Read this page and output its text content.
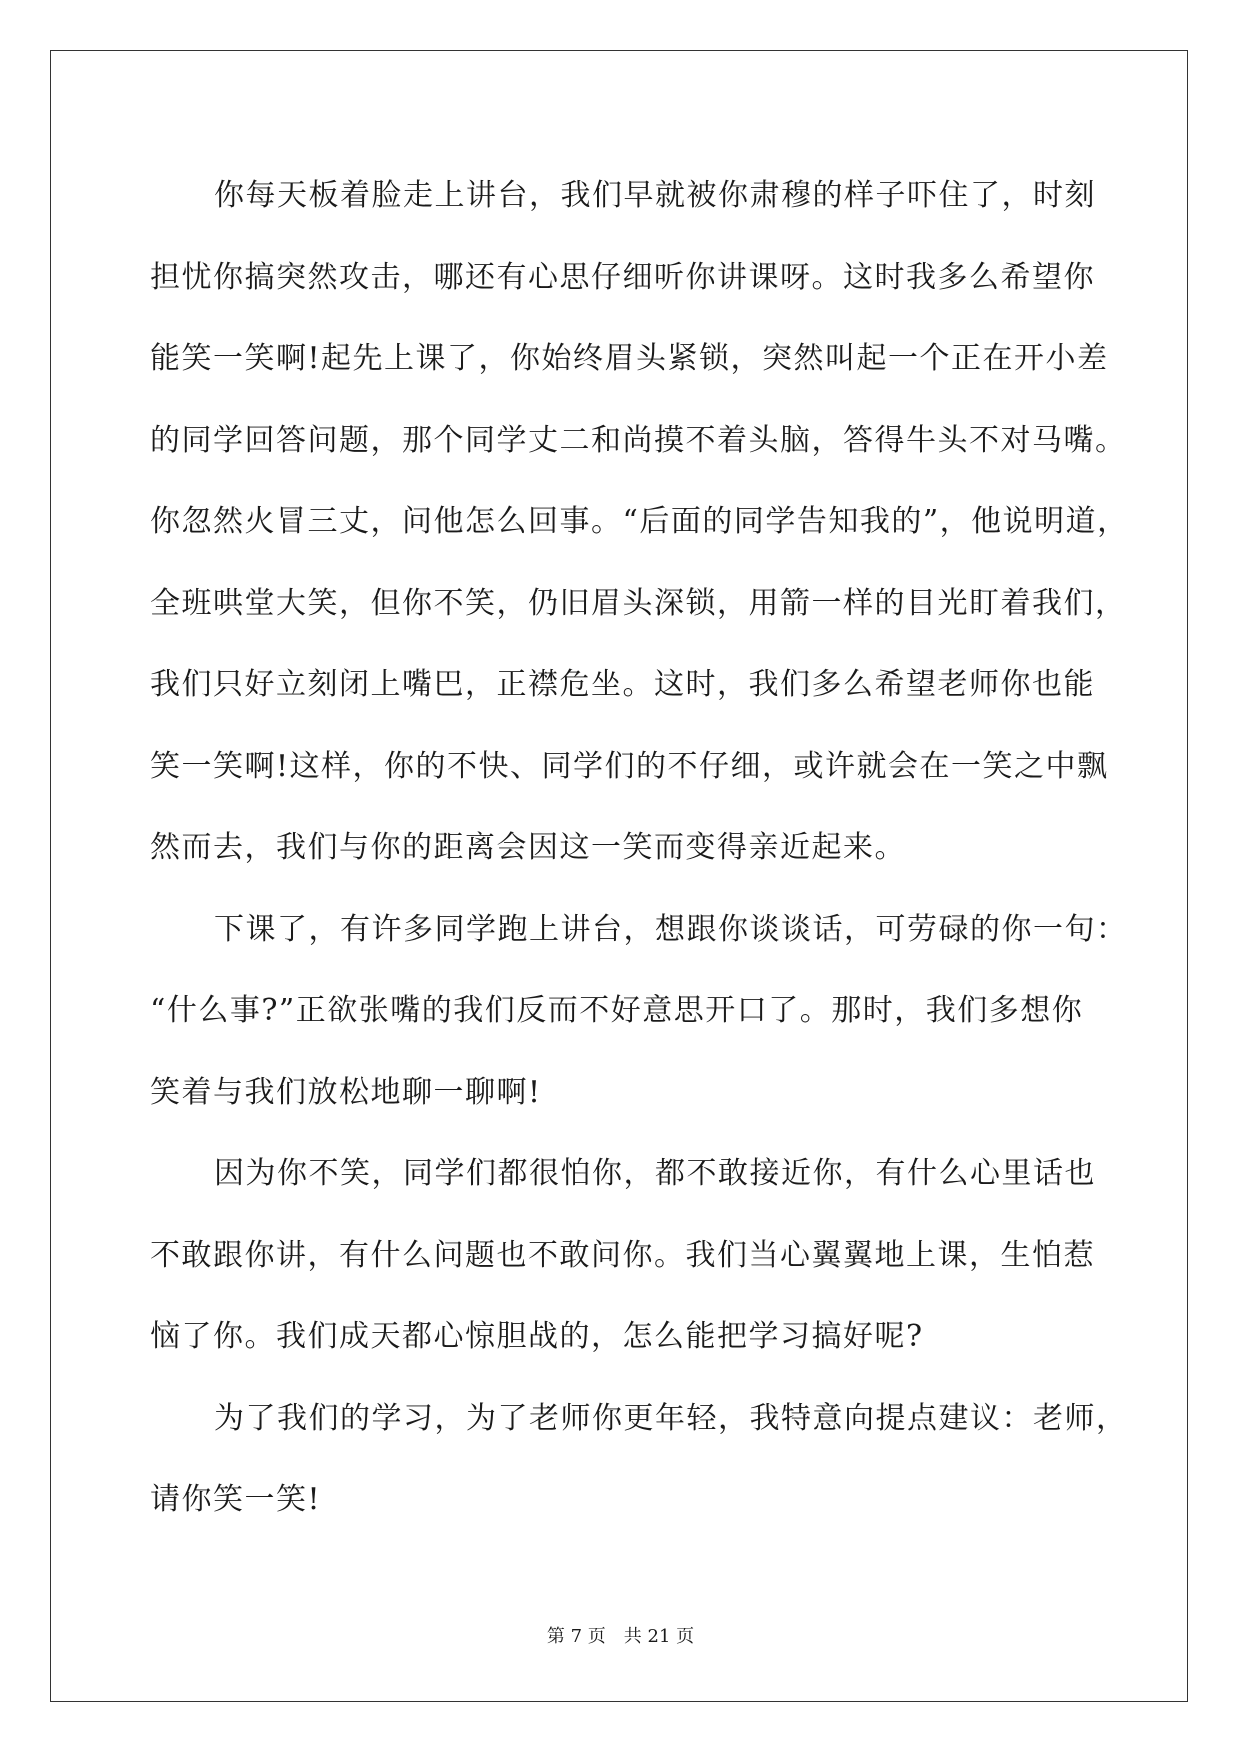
你每天板着脸走上讲台，我们早就被你肃穆的样子吓住了，时刻
担忧你搞突然攻击，哪还有心思仔细听你讲课呀。这时我多么希望你
能笑一笑啊!起先上课了，你始终眉头紧锁，突然叫起一个正在开小差
的同学回答问题，那个同学丈二和尚摸不着头脑，答得牛头不对马嘴。
你忽然火冒三丈，问他怎么回事。“后面的同学告知我的”，他说明道，
全班哄堂大笑，但你不笑，仍旧眉头深锁，用箭一样的目光盯着我们，
我们只好立刻闭上嘴巴，正襟危坐。这时，我们多么希望老师你也能
笑一笑啊!这样，你的不快、同学们的不仔细，或许就会在一笑之中飘
然而去，我们与你的距离会因这一笑而变得亲近起来。
下课了，有许多同学跑上讲台，想跟你谈谈话，可劳碌的你一句：
“什么事?”正欲张嘴的我们反而不好意思开口了。那时，我们多想你
笑着与我们放松地聊一聊啊!
因为你不笑，同学们都很怕你，都不敢接近你，有什么心里话也
不敢跟你讲，有什么问题也不敢问你。我们当心翼翼地上课，生怕惹
恼了你。我们成天都心惊胆战的，怎么能把学习搞好呢?
为了我们的学习，为了老师你更年轻，我特意向提点建议：老师，
请你笑一笑!
第 7 页 共 21 页
